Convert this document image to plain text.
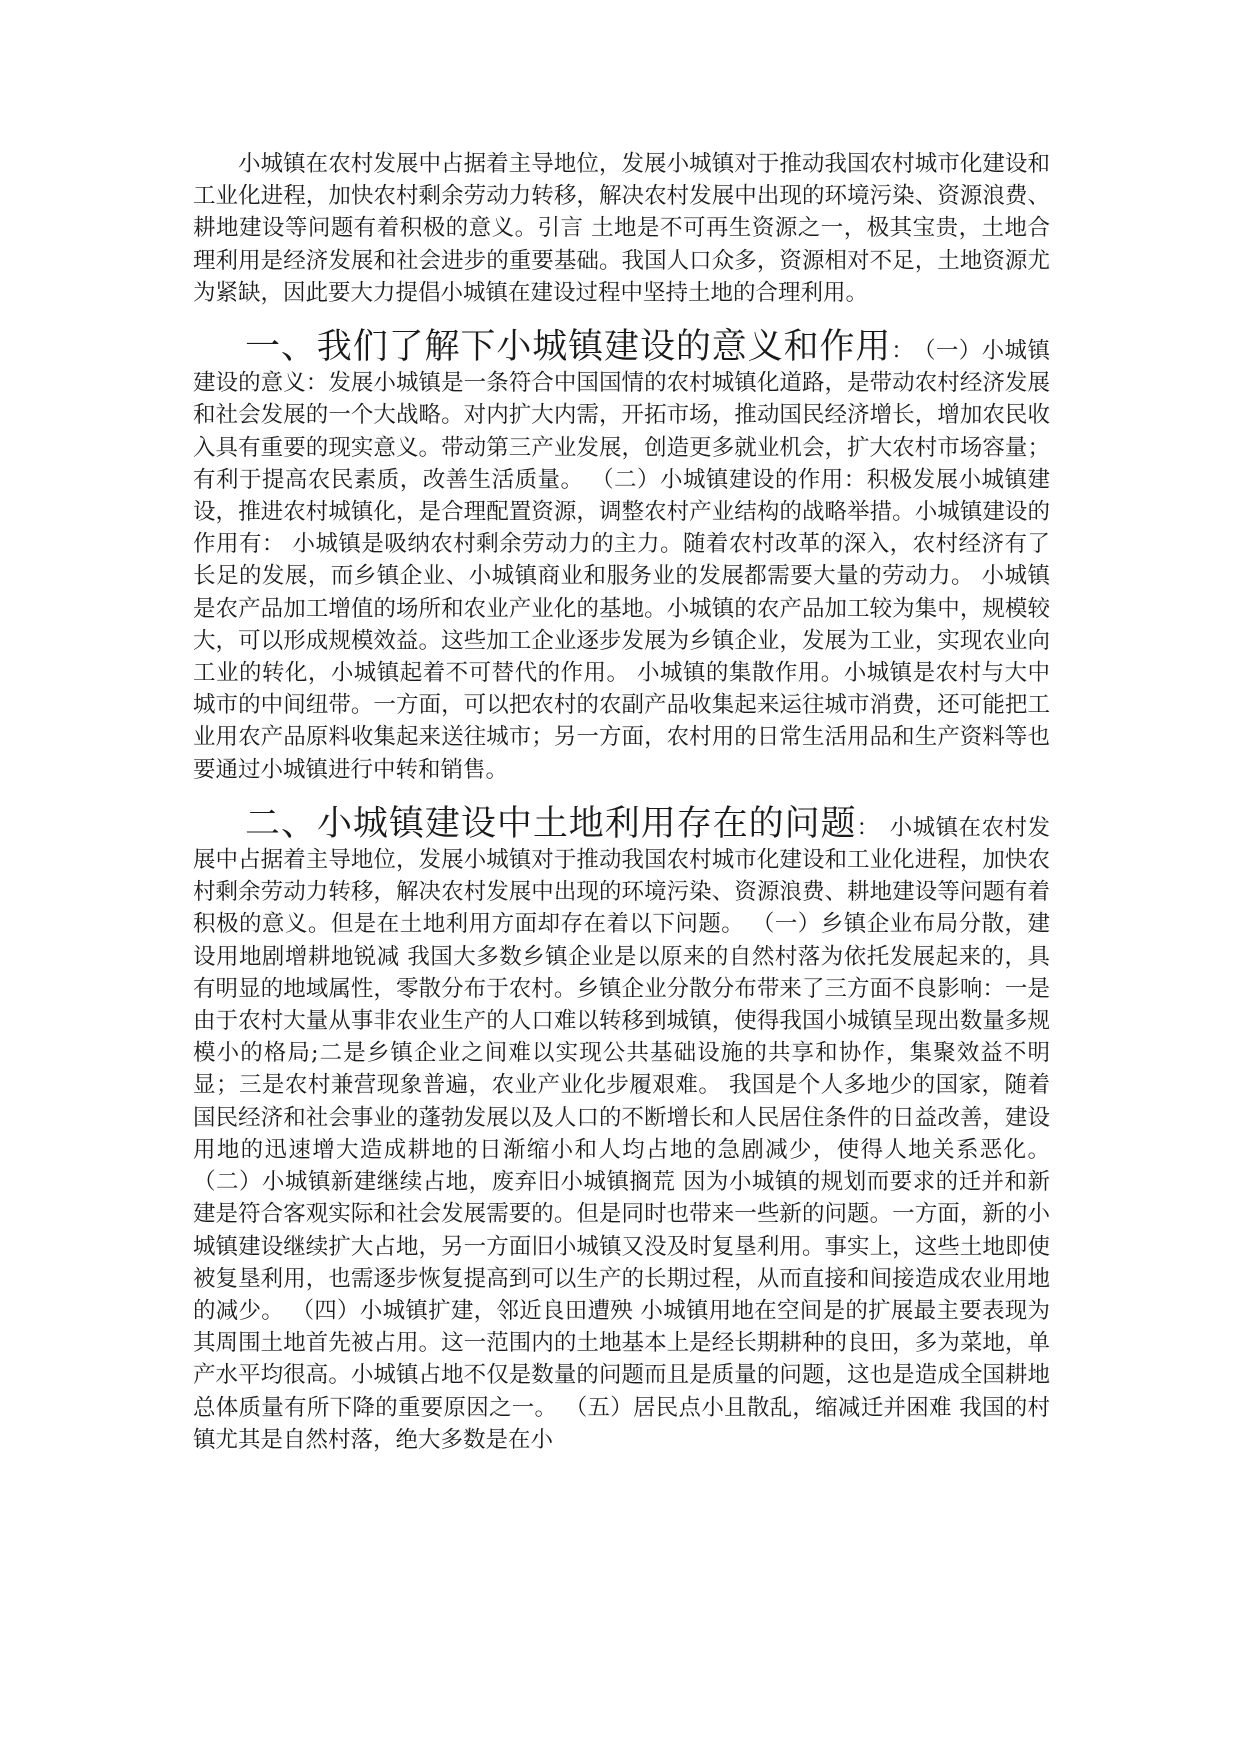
小城镇在农村发展中占据着主导地位，发展小城镇对于推动我国农村城市化建设和工业化进程，加快农村剩余劳动力转移，解决农村发展中出现的环境污染、资源浪费、耕地建设等问题有着积极的意义。引言 土地是不可再生资源之一，极其宝贵，土地合理利用是经济发展和社会进步的重要基础。我国人口众多，资源相对不足，土地资源尤为紧缺，因此要大力提倡小城镇在建设过程中坚持土地的合理利用。

一、我们了解下小城镇建设的意义和作用： （一）小城镇建设的意义：发展小城镇是一条符合中国国情的农村城镇化道路，是带动农村经济发展和社会发展的一个大战略。对内扩大内需，开拓市场，推动国民经济增长，增加农民收入具有重要的现实意义。带动第三产业发展，创造更多就业机会，扩大农村市场容量；有利于提高农民素质，改善生活质量。 （二）小城镇建设的作用：积极发展小城镇建设，推进农村城镇化，是合理配置资源，调整农村产业结构的战略举措。小城镇建设的作用有： 小城镇是吸纳农村剩余劳动力的主力。随着农村改革的深入，农村经济有了长足的发展，而乡镇企业、小城镇商业和服务业的发展都需要大量的劳动力。 小城镇是农产品加工增值的场所和农业产业化的基地。小城镇的农产品加工较为集中，规模较大，可以形成规模效益。这些加工企业逐步发展为乡镇企业，发展为工业，实现农业向工业的转化，小城镇起着不可替代的作用。 小城镇的集散作用。小城镇是农村与大中城市的中间纽带。一方面，可以把农村的农副产品收集起来运往城市消费，还可能把工业用农产品原料收集起来送往城市；另一方面，农村用的日常生活用品和生产资料等也要通过小城镇进行中转和销售。

二、小城镇建设中土地利用存在的问题： 小城镇在农村发展中占据着主导地位，发展小城镇对于推动我国农村城市化建设和工业化进程，加快农村剩余劳动力转移，解决农村发展中出现的环境污染、资源浪费、耕地建设等问题有着积极的意义。但是在土地利用方面却存在着以下问题。 （一）乡镇企业布局分散，建设用地剧增耕地锐减 我国大多数乡镇企业是以原来的自然村落为依托发展起来的，具有明显的地域属性，零散分布于农村。乡镇企业分散分布带来了三方面不良影响：一是由于农村大量从事非农业生产的人口难以转移到城镇，使得我国小城镇呈现出数量多规模小的格局;二是乡镇企业之间难以实现公共基础设施的共享和协作，集聚效益不明显；三是农村兼营现象普遍，农业产业化步履艰难。 我国是个人多地少的国家，随着国民经济和社会事业的蓬勃发展以及人口的不断增长和人民居住条件的日益改善，建设用地的迅速增大造成耕地的日渐缩小和人均占地的急剧减少，使得人地关系恶化。 （二）小城镇新建继续占地，废弃旧小城镇搁荒 因为小城镇的规划而要求的迁并和新建是符合客观实际和社会发展需要的。但是同时也带来一些新的问题。一方面，新的小城镇建设继续扩大占地，另一方面旧小城镇又没及时复垦利用。事实上，这些土地即使被复垦利用，也需逐步恢复提高到可以生产的长期过程，从而直接和间接造成农业用地的减少。 （四）小城镇扩建，邻近良田遭殃 小城镇用地在空间是的扩展最主要表现为其周围土地首先被占用。这一范围内的土地基本上是经长期耕种的良田，多为菜地，单产水平均很高。小城镇占地不仅是数量的问题而且是质量的问题，这也是造成全国耕地总体质量有所下降的重要原因之一。 （五）居民点小且散乱，缩减迁并困难 我国的村镇尤其是自然村落，绝大多数是在小
